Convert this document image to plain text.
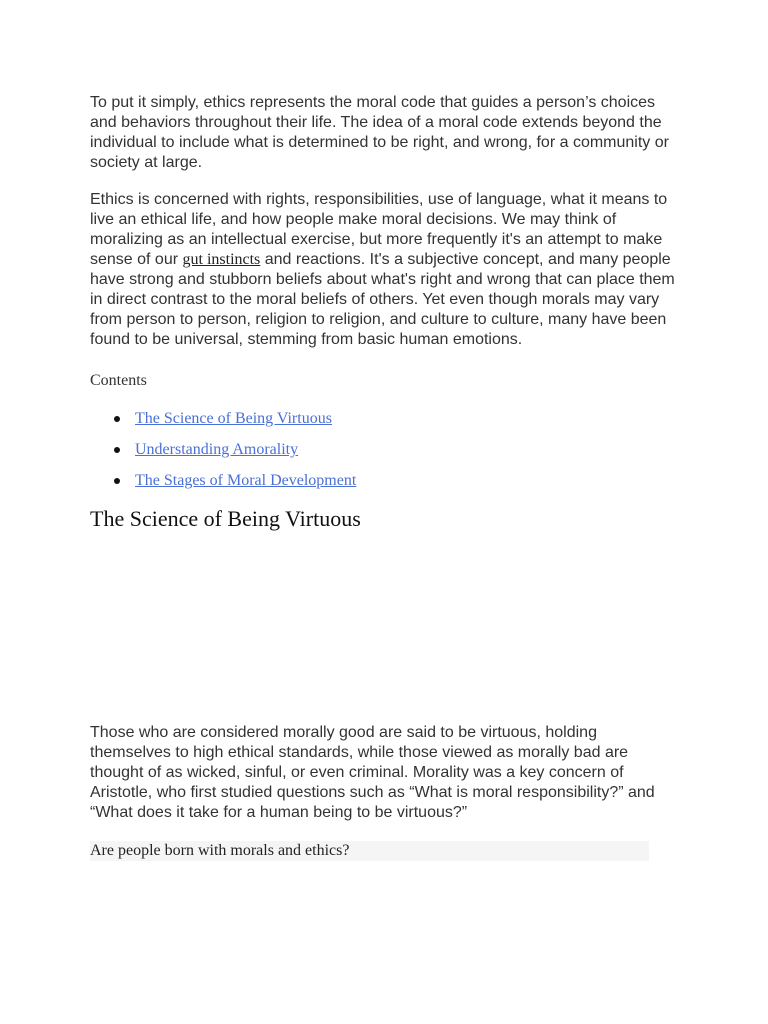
To put it simply, ethics represents the moral code that guides a person’s choices and behaviors throughout their life. The idea of a moral code extends beyond the individual to include what is determined to be right, and wrong, for a community or society at large.

Ethics is concerned with rights, responsibilities, use of language, what it means to live an ethical life, and how people make moral decisions. We may think of moralizing as an intellectual exercise, but more frequently it's an attempt to make sense of our gut instincts and reactions. It's a subjective concept, and many people have strong and stubborn beliefs about what's right and wrong that can place them in direct contrast to the moral beliefs of others. Yet even though morals may vary from person to person, religion to religion, and culture to culture, many have been found to be universal, stemming from basic human emotions.

Contents
The Science of Being Virtuous
Understanding Amorality
The Stages of Moral Development
The Science of Being Virtuous

Those who are considered morally good are said to be virtuous, holding themselves to high ethical standards, while those viewed as morally bad are thought of as wicked, sinful, or even criminal. Morality was a key concern of Aristotle, who first studied questions such as “What is moral responsibility?” and “What does it take for a human being to be virtuous?”

Are people born with morals and ethics?
